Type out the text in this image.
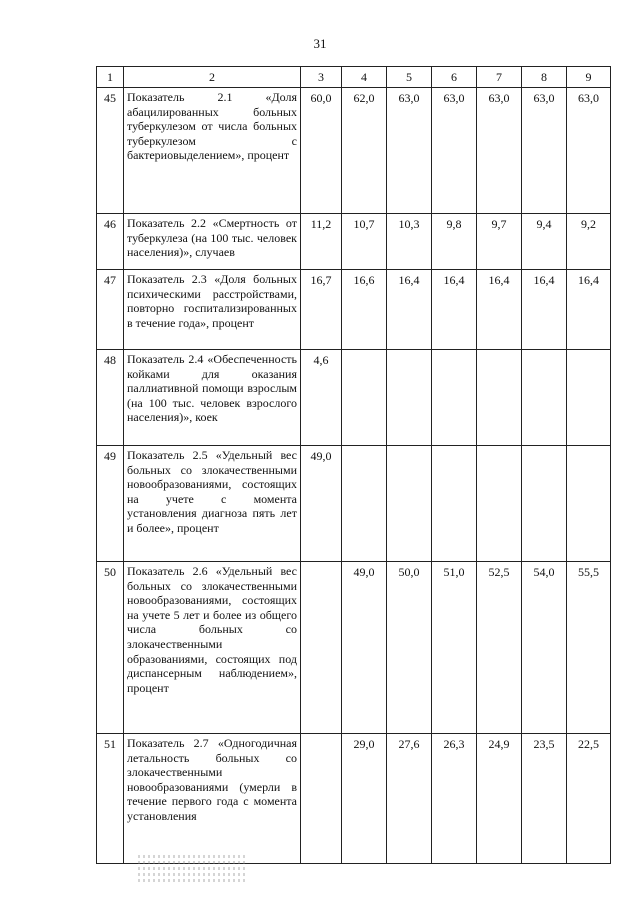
31
1	2	3	4	5	6	7	8	9
45	Показатель 2.1 «Доля абацилированных больных туберкулезом от числа больных туберкулезом с бактериовыделением», процент	60,0	62,0	63,0	63,0	63,0	63,0	63,0
46	Показатель 2.2 «Смертность от туберкулеза (на 100 тыс. человек населения)», случаев	11,2	10,7	10,3	9,8	9,7	9,4	9,2
47	Показатель 2.3 «Доля больных психическими расстройствами, повторно госпитализированных в течение года», процент	16,7	16,6	16,4	16,4	16,4	16,4	16,4
48	Показатель 2.4 «Обеспеченность койками для оказания паллиативной помощи взрослым (на 100 тыс. человек взрослого населения)», коек	4,6						
49	Показатель 2.5 «Удельный вес больных со злокачественными новообразованиями, состоящих на учете с момента установления диагноза пять лет и более», процент	49,0						
50	Показатель 2.6 «Удельный вес больных со злокачественными новообразованиями, состоящих на учете 5 лет и более из общего числа больных со злокачественными образованиями, состоящих под диспансерным наблюдением», процент		49,0	50,0	51,0	52,5	54,0	55,5
51	Показатель 2.7 «Одногодичная летальность больных со злокачественными новообразованиями (умерли в течение первого года с момента установления		29,0	27,6	26,3	24,9	23,5	22,5
